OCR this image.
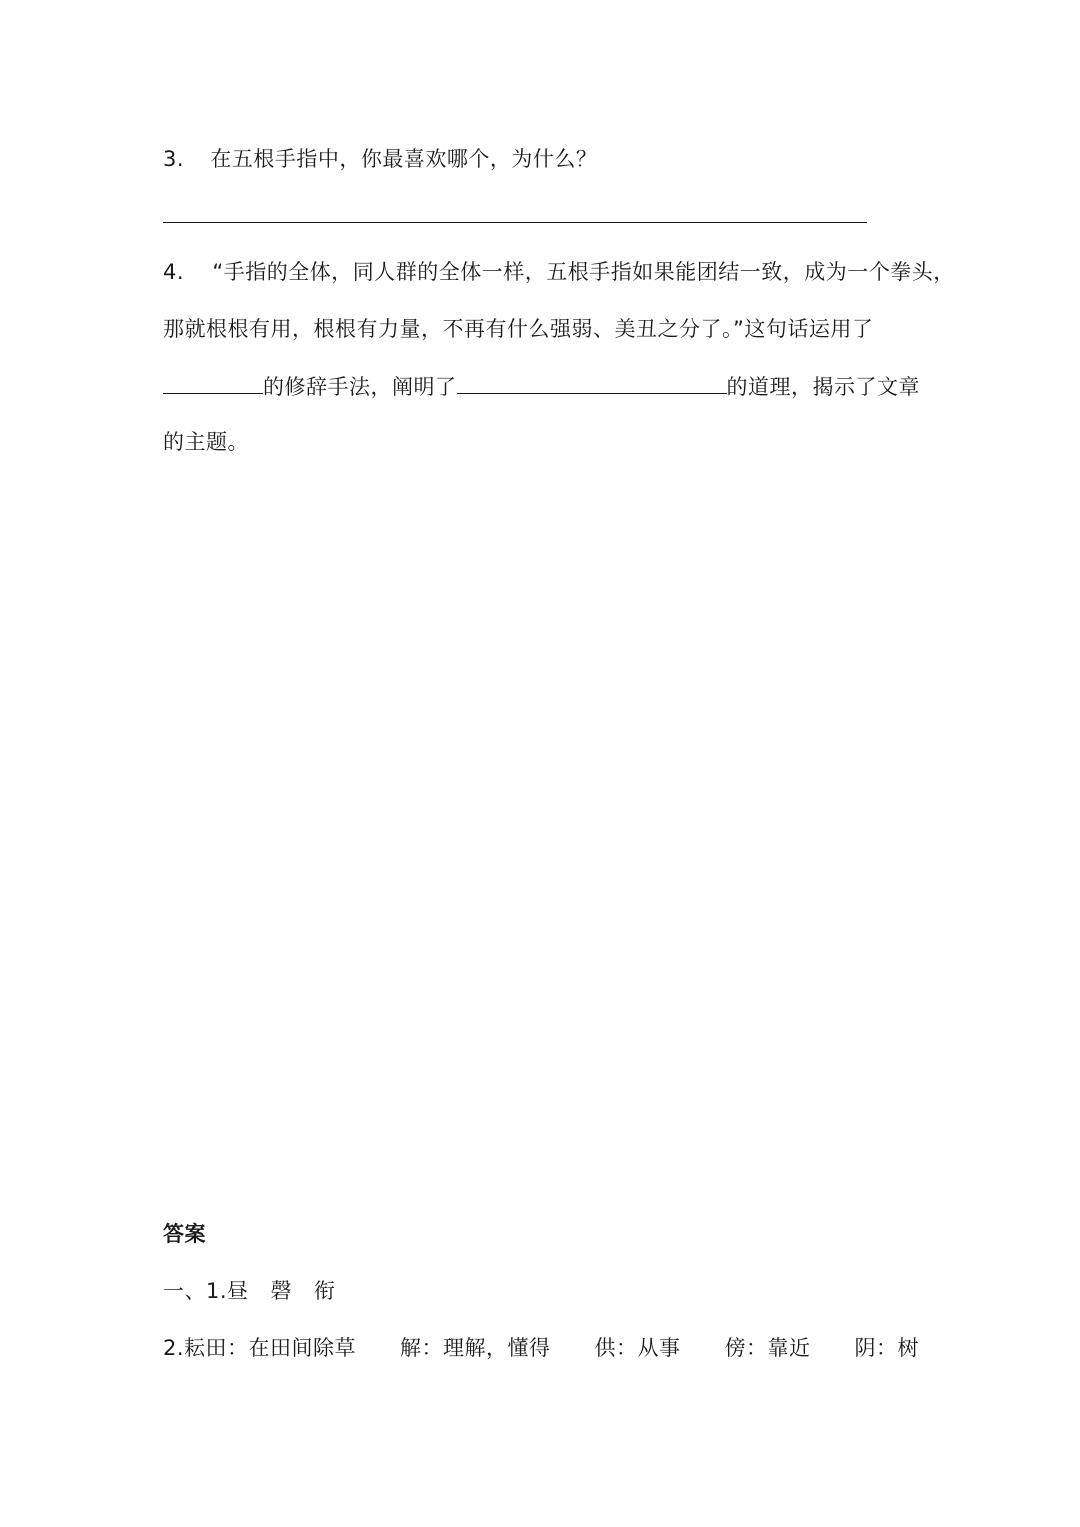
3. 在五根手指中，你最喜欢哪个，为什么？
4. “手指的全体，同人群的全体一样，五根手指如果能团结一致，成为一个拳头，
那就根根有用，根根有力量，不再有什么强弱、美丑之分了。”这句话运用了
的修辞手法，阐明了	的道理，揭示了文章
的主题。
答案
一、1.昼 磬 衔
2.耘田：在田间除草 解：理解，懂得 供：从事 傍：靠近 阴：树
